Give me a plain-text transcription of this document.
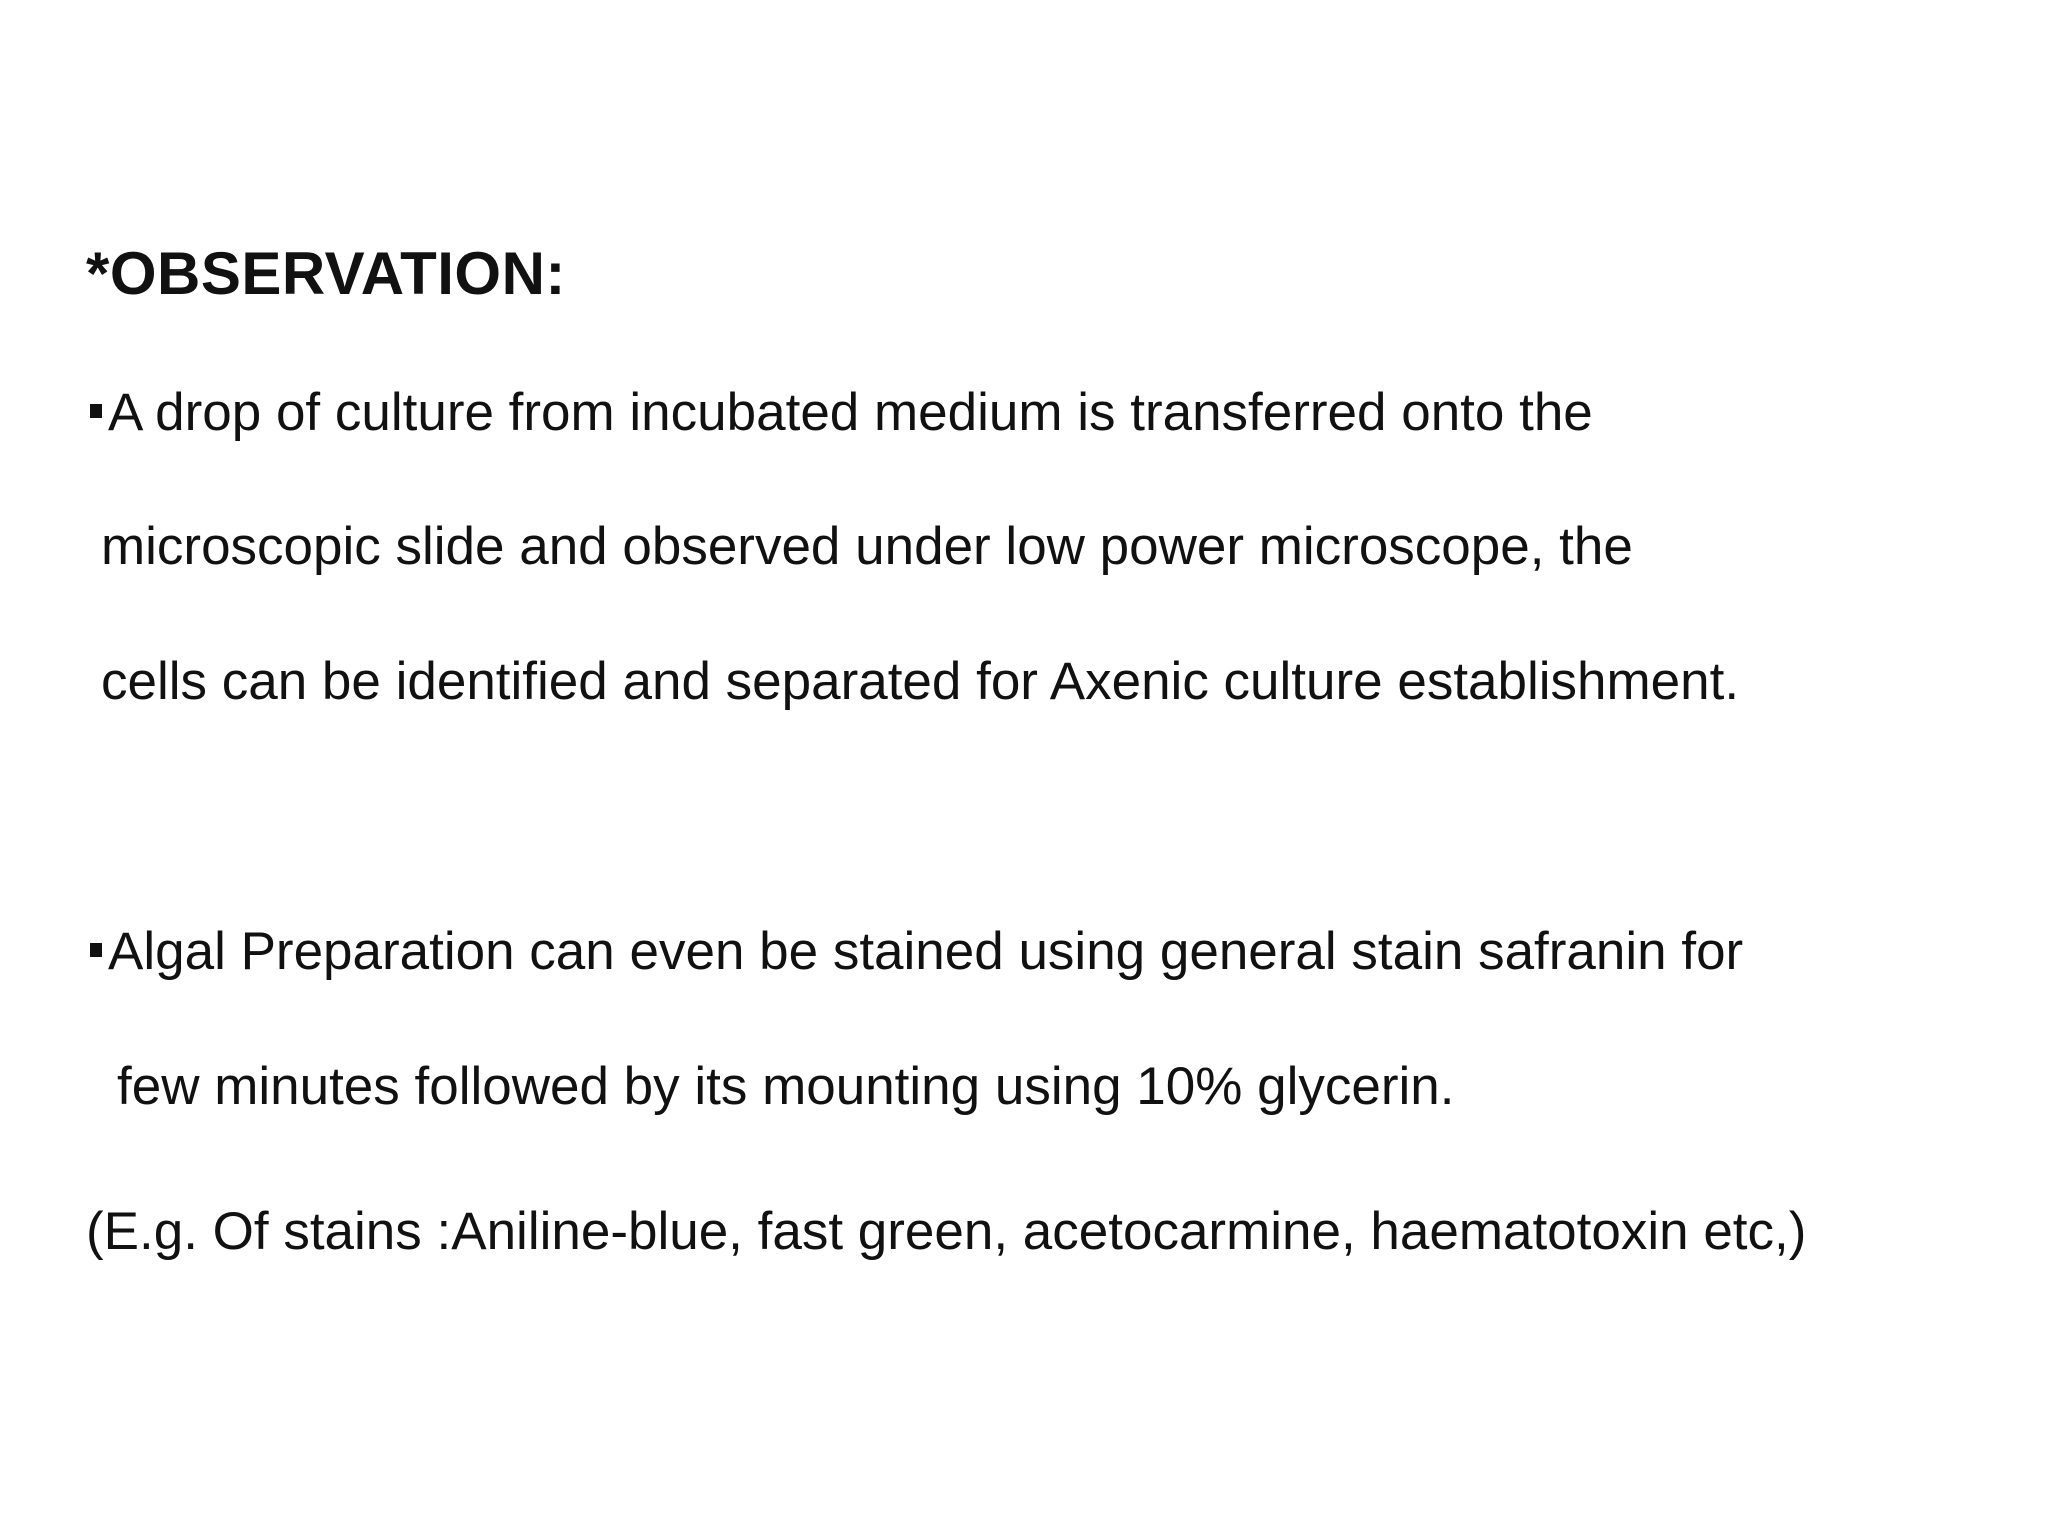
*OBSERVATION:
A drop of culture from incubated medium is transferred onto the
microscopic slide and observed under low power microscope, the
cells can be identified and separated for Axenic culture establishment.
Algal Preparation can even be stained using general stain safranin for
few minutes followed by its mounting using 10% glycerin.
(E.g. Of stains :Aniline-blue, fast green, acetocarmine, haematotoxin etc,)
